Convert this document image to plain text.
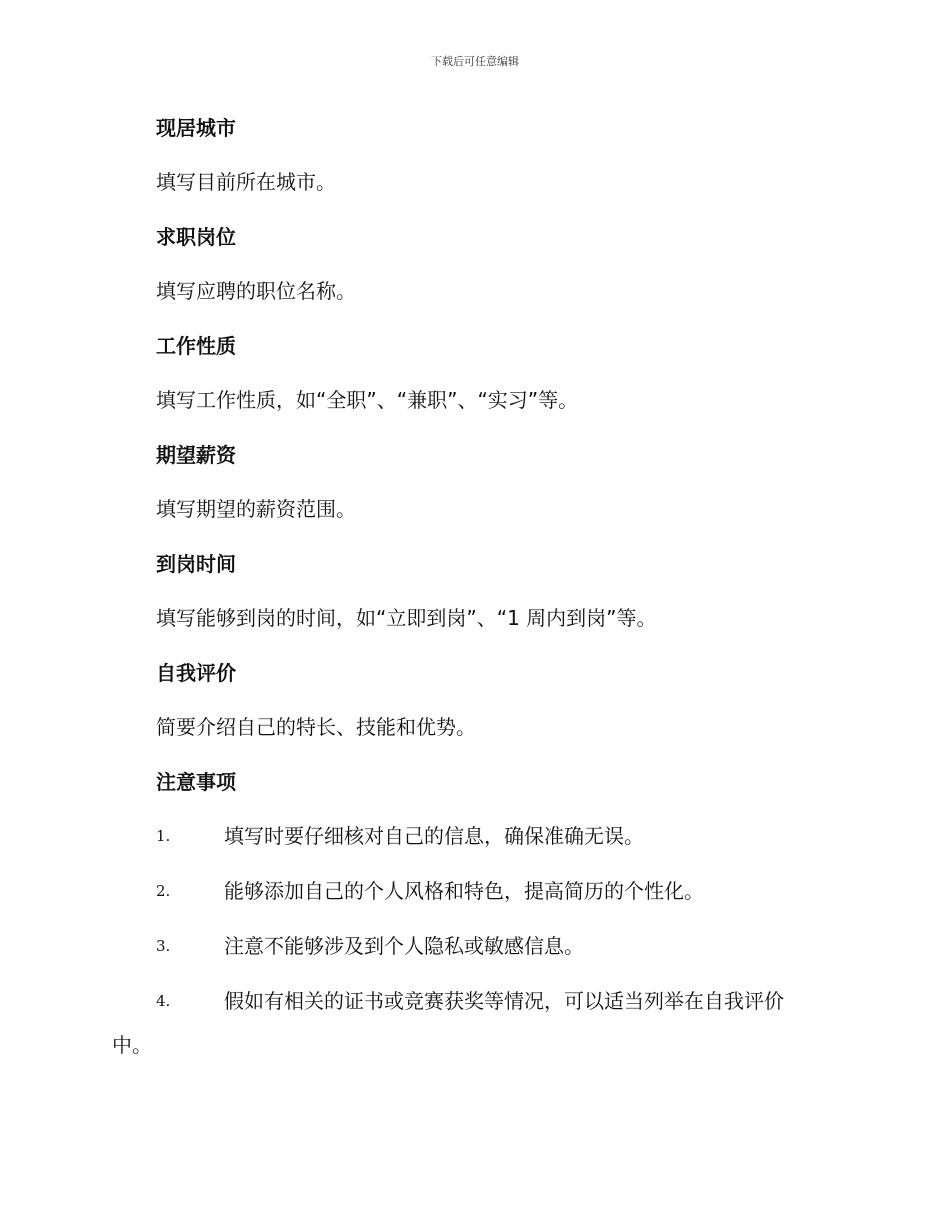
下载后可任意编辑
现居城市

填写目前所在城市。

求职岗位

填写应聘的职位名称。

工作性质

填写工作性质，如“全职”、“兼职”、“实习”等。

期望薪资

填写期望的薪资范围。

到岗时间

填写能够到岗的时间，如“立即到岗”、“1 周内到岗”等。

自我评价

简要介绍自己的特长、技能和优势。

注意事项
1.	填写时要仔细核对自己的信息，确保准确无误。
2.	能够添加自己的个人风格和特色，提高简历的个性化。
3.	注意不能够涉及到个人隐私或敏感信息。
4.	假如有相关的证书或竞赛获奖等情况，可以适当列举在自我评价
中。
